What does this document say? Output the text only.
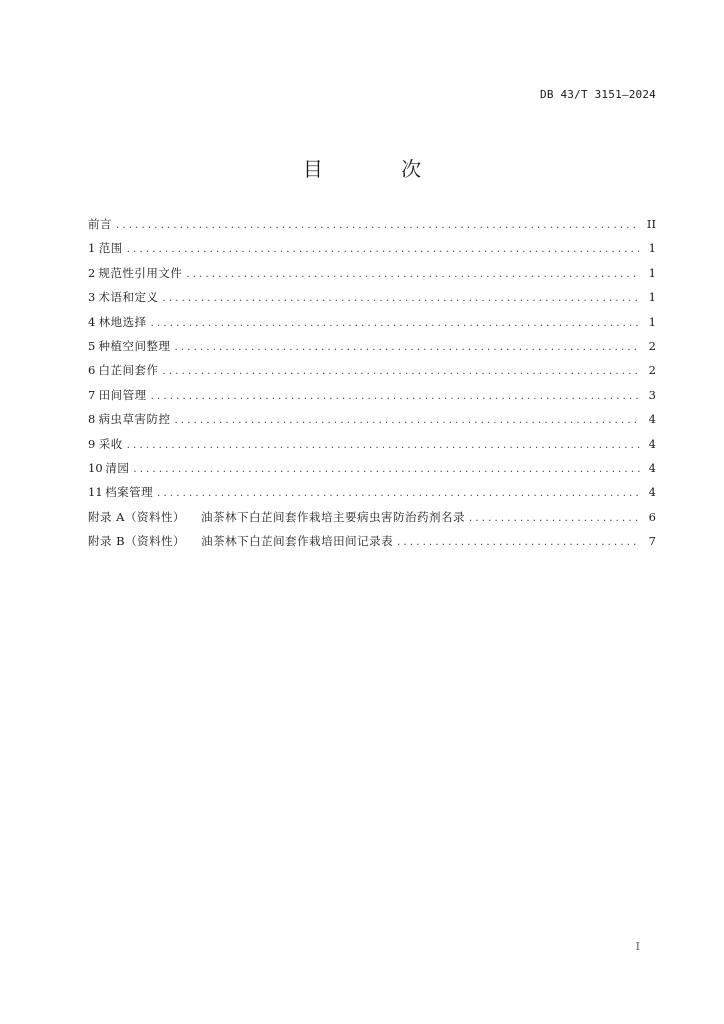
DB 43/T 3151—2024
目 次
前言 .....	II
1 范围 .....	1
2 规范性引用文件 .....	1
3 术语和定义 .....	1
4 林地选择 .....	1
5 种植空间整理 .....	2
6 白芷间套作 .....	2
7 田间管理 .....	3
8 病虫草害防控 .....	4
9 采收 .....	4
10 清园 .....	4
11 档案管理 .....	4
附录 A（资料性）	油茶林下白芷间套作栽培主要病虫害防治药剂名录 .....	6
附录 B（资料性）	油茶林下白芷间套作栽培田间记录表 .....	7
I
